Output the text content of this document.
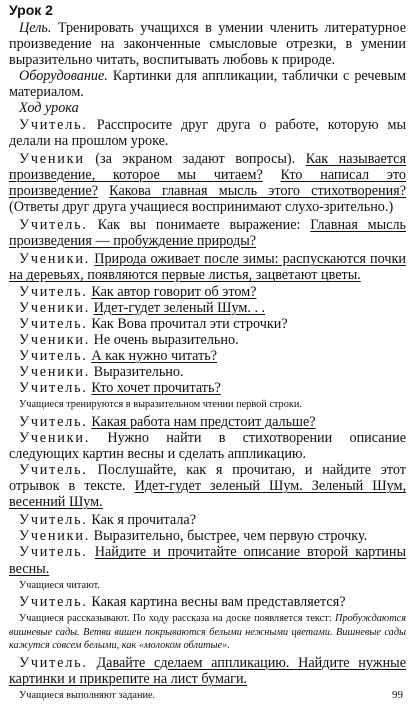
Урок 2

Цель. Тренировать учащихся в умении членить литературное произведение на законченные смысловые отрезки, в умении выразительно читать, воспитывать любовь к природе.

Оборудование. Картинки для аппликации, таблички с речевым материалом.

Ход урока

Учитель. Расспросите друг друга о работе, которую мы делали на прошлом уроке.

Ученики (за экраном задают вопросы). Как называется произведение, которое мы читаем? Кто написал это произведение? Какова главная мысль этого стихотворения? (Ответы друг друга учащиеся воспринимают слухо-зрительно.)

Учитель. Как вы понимаете выражение: Главная мысль произведения — пробуждение природы?

Ученики. Природа оживает после зимы: распускаются почки на деревьях, появляются первые листья, зацветают цветы.

Учитель. Как автор говорит об этом?

Ученики. Идет-гудет зеленый Шум. . .

Учитель. Как Вова прочитал эти строчки?

Ученики. Не очень выразительно.

Учитель. А как нужно читать?

Ученики. Выразительно.

Учитель. Кто хочет прочитать?

Учащиеся тренируются в выразительном чтении первой строки.

Учитель. Какая работа нам предстоит дальше?

Ученики. Нужно найти в стихотворении описание следующих картин весны и сделать аппликацию.

Учитель. Послушайте, как я прочитаю, и найдите этот отрывок в тексте. Идет-гудет зеленый Шум. Зеленый Шум, весенний Шум.

Учитель. Как я прочитала?

Ученики. Выразительно, быстрее, чем первую строчку.

Учитель. Найдите и прочитайте описание второй картины весны.

Учащиеся читают.

Учитель. Какая картина весны вам представляется?

Учащиеся рассказывают. По ходу рассказа на доске появляется текст: Пробуждаются вишневые сады. Ветви вишен покрываются белыми нежными цветами. Вишневые сады кажутся совсем белыми, как «молоком облитые».

Учитель. Давайте сделаем аппликацию. Найдите нужные картинки и прикрепите на лист бумаги.

Учащиеся выполняют задание.	99
